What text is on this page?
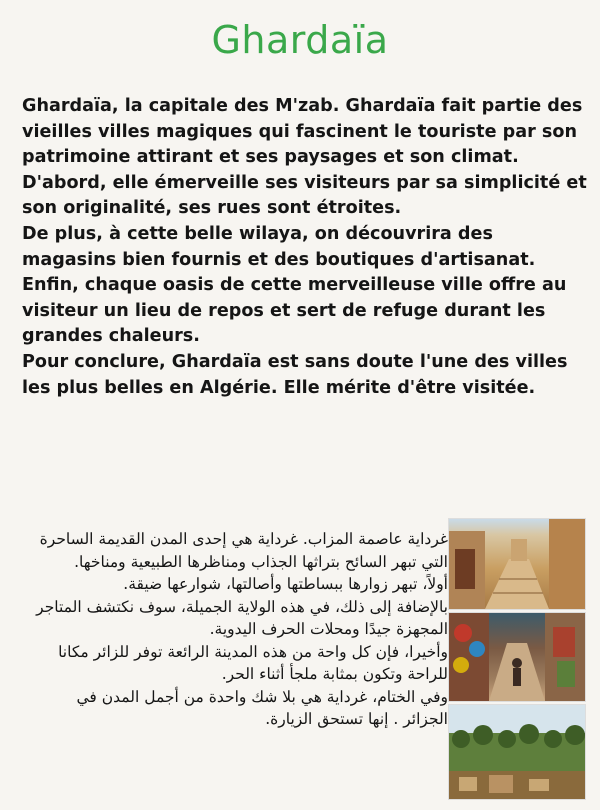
Ghardaïa

Ghardaïa, la capitale des M'zab. Ghardaïa fait partie des vieilles villes magiques qui fascinent le touriste par son patrimoine attirant et ses paysages et son climat.

D'abord, elle émerveille ses visiteurs par sa simplicité et son originalité, ses rues sont étroites.

De plus, à cette belle wilaya, on découvrira des magasins bien fournis et des boutiques d'artisanat.

Enfin, chaque oasis de cette merveilleuse ville offre au visiteur un lieu de repos et sert de refuge durant les grandes chaleurs.

Pour conclure, Ghardaïa est sans doute l'une des villes les plus belles en Algérie. Elle mérite d'être visitée.

غرداية عاصمة المزاب. غرداية هي إحدى المدن القديمة الساحرة التي تبهر السائح بتراثها الجذاب ومناظرها الطبيعية ومناخها.

أولاً، تبهر زوارها ببساطتها وأصالتها، شوارعها ضيقة.

بالإضافة إلى ذلك، في هذه الولاية الجميلة، سوف نكتشف المتاجر المجهزة جيدًا ومحلات الحرف اليدوية.

وأخيرا، فإن كل واحة من هذه المدينة الرائعة توفر للزائر مكانا للراحة وتكون بمثابة ملجأ أثناء الحر.

وفي الختام، غرداية هي بلا شك واحدة من أجمل المدن في الجزائر . إنها تستحق الزيارة.
